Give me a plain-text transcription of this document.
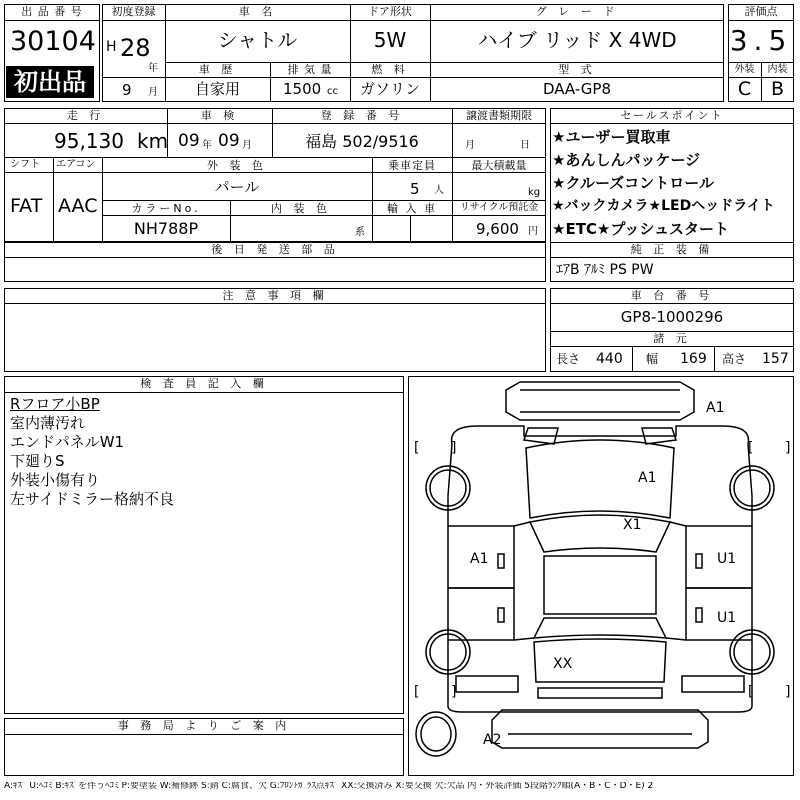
出 品 番 号
30104
初出品
初度登録
H 28
年
9 月
車 名
シャトル
ドア形状
5W
グ レ ー ド
ハイブ リッド X 4WD
車 歴
自家用
排 気 量
1500 cc
燃 料
ガソリン
型 式
DAA-GP8
評価点
3.5
外装	内装
C	B
走 行
95,130 km
車 検
09 年 09 月
登 録 番 号
福島 502/9516
譲渡書類期限
月	日
シフト
FAT
エアコン
AAC
外 装 色
パール
乗車定員
5 人
最大積載量
kg
カラーNo.
NH788P
内 装 色
系
輸 入 車	リサイクル預託金
9,600 円
後 日 発 送 部 品
セールスポイント
★ユーザー買取車
★あんしんパッケージ
★クルーズコントロール
★バックカメラ★LEDヘッドライト
★ETC★プッシュスタート
純 正 装 備
ｴｱB ｱﾙﾐ PS PW
注 意 事 項 欄	車 台 番 号
GP8-1000296
諸 元
長さ 440 幅 169 高さ 157
検 査 員 記 入 欄
Rフロア小BP
室内薄汚れ
エンドパネルW1
下廻りS
外装小傷有り
左サイドミラー格納不良
事 務 局 よ り ご 案 内
[ ]	[ ]
[ ]	[ ]
A1
A1
X1
A1	U1
U1
XX
A2
A:ｷｽﾞ U:ﾍｺﾐ B:ｷｽﾞを伴うﾍｺﾐ P:要塗装 W:補修跡 S:錆 C:腐食、欠 G:ﾌﾛﾝﾄｶﾞﾗｽ点ｷｽﾞ XX:交換済み X:要交換 欠:欠品 内・外装評価 5段階ﾗﾝｸ順(A・B・C・D・E) 2
